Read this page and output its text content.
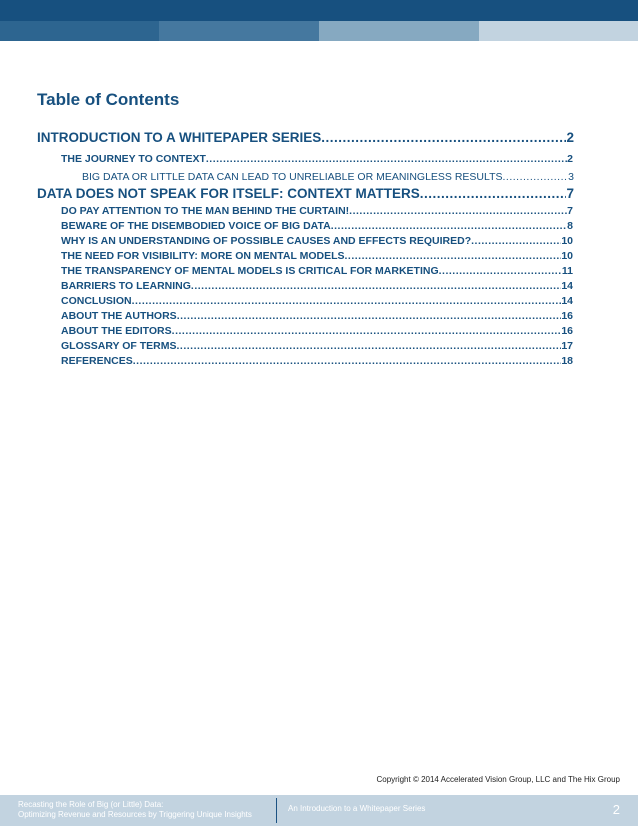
Table of Contents
INTRODUCTION TO A WHITEPAPER SERIES .....	2
THE JOURNEY TO CONTEXT .....	2
BIG DATA OR LITTLE DATA CAN LEAD TO UNRELIABLE OR MEANINGLESS RESULTS .....	3
DATA DOES NOT SPEAK FOR ITSELF: CONTEXT MATTERS .....	7
DO PAY ATTENTION TO THE MAN BEHIND THE CURTAIN! .....	7
BEWARE OF THE DISEMBODIED VOICE OF BIG DATA .....	8
WHY IS AN UNDERSTANDING OF POSSIBLE CAUSES AND EFFECTS REQUIRED? .....	10
THE NEED FOR VISIBILITY: MORE ON MENTAL MODELS .....	10
THE TRANSPARENCY OF MENTAL MODELS IS CRITICAL FOR MARKETING .....	11
BARRIERS TO LEARNING .....	14
CONCLUSION .....	14
ABOUT THE AUTHORS .....	16
ABOUT THE EDITORS .....	16
GLOSSARY OF TERMS .....	17
REFERENCES .....	18
Copyright © 2014 Accelerated Vision Group, LLC and The Hix Group
Recasting the Role of Big (or Little) Data:
Optimizing Revenue and Resources by Triggering Unique Insights
An Introduction to a Whitepaper Series	2
